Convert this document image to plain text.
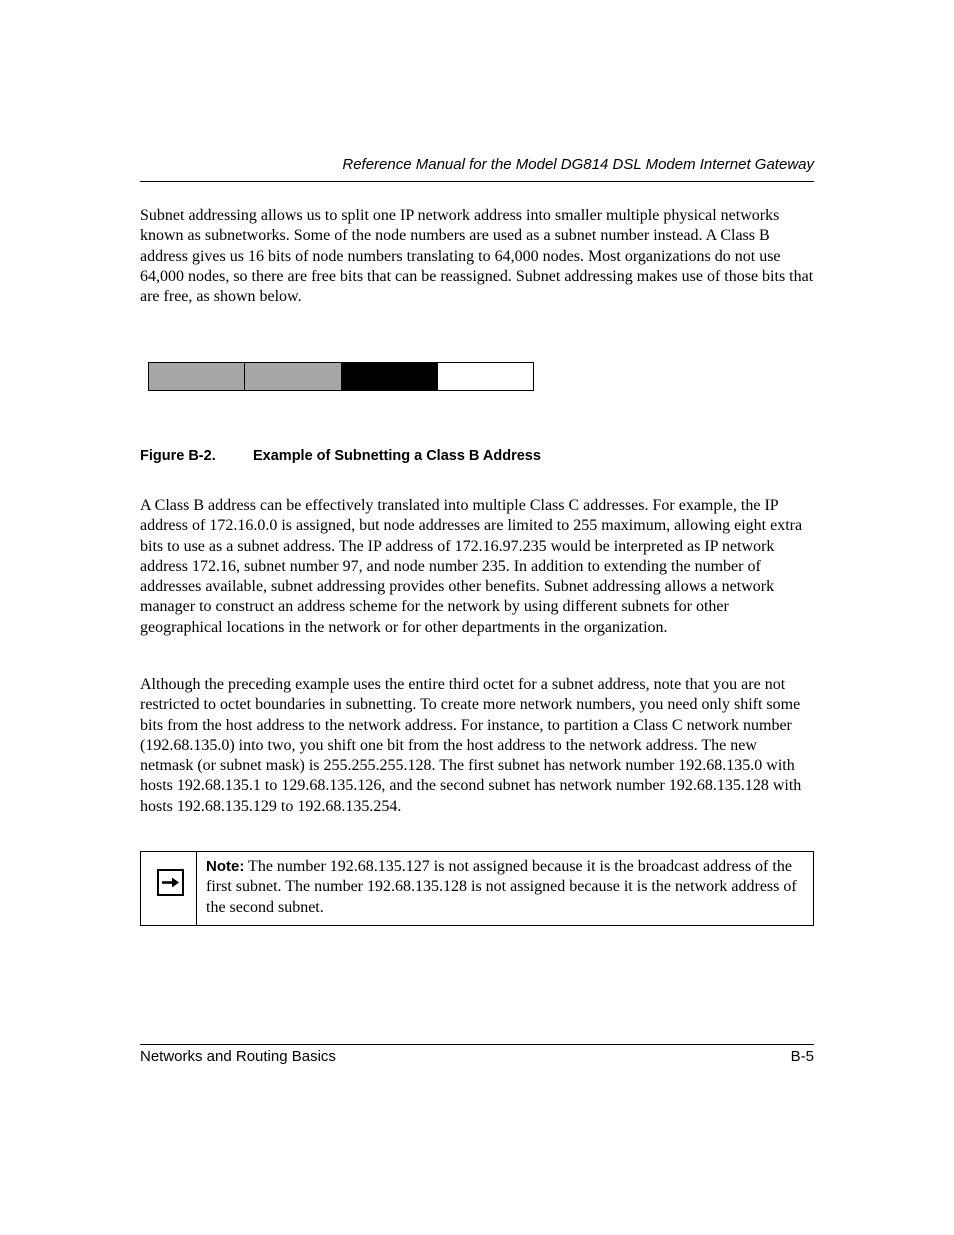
Reference Manual for the Model DG814 DSL Modem Internet Gateway

Subnet addressing allows us to split one IP network address into smaller multiple physical networks known as subnetworks. Some of the node numbers are used as a subnet number instead. A Class B address gives us 16 bits of node numbers translating to 64,000 nodes. Most organizations do not use 64,000 nodes, so there are free bits that can be reassigned. Subnet addressing makes use of those bits that are free, as shown below.

Figure B-2.	Example of Subnetting a Class B Address

A Class B address can be effectively translated into multiple Class C addresses. For example, the IP address of 172.16.0.0 is assigned, but node addresses are limited to 255 maximum, allowing eight extra bits to use as a subnet address. The IP address of 172.16.97.235 would be interpreted as IP network address 172.16, subnet number 97, and node number 235. In addition to extending the number of addresses available, subnet addressing provides other benefits. Subnet addressing allows a network manager to construct an address scheme for the network by using different subnets for other geographical locations in the network or for other departments in the organization.

Although the preceding example uses the entire third octet for a subnet address, note that you are not restricted to octet boundaries in subnetting. To create more network numbers, you need only shift some bits from the host address to the network address. For instance, to partition a Class C network number (192.68.135.0) into two, you shift one bit from the host address to the network address. The new netmask (or subnet mask) is 255.255.255.128. The first subnet has network number 192.68.135.0 with hosts 192.68.135.1 to 129.68.135.126, and the second subnet has network number 192.68.135.128 with hosts 192.68.135.129 to 192.68.135.254.

Note: The number 192.68.135.127 is not assigned because it is the broadcast address of the first subnet. The number 192.68.135.128 is not assigned because it is the network address of the second subnet.

Networks and Routing Basics	B-5
